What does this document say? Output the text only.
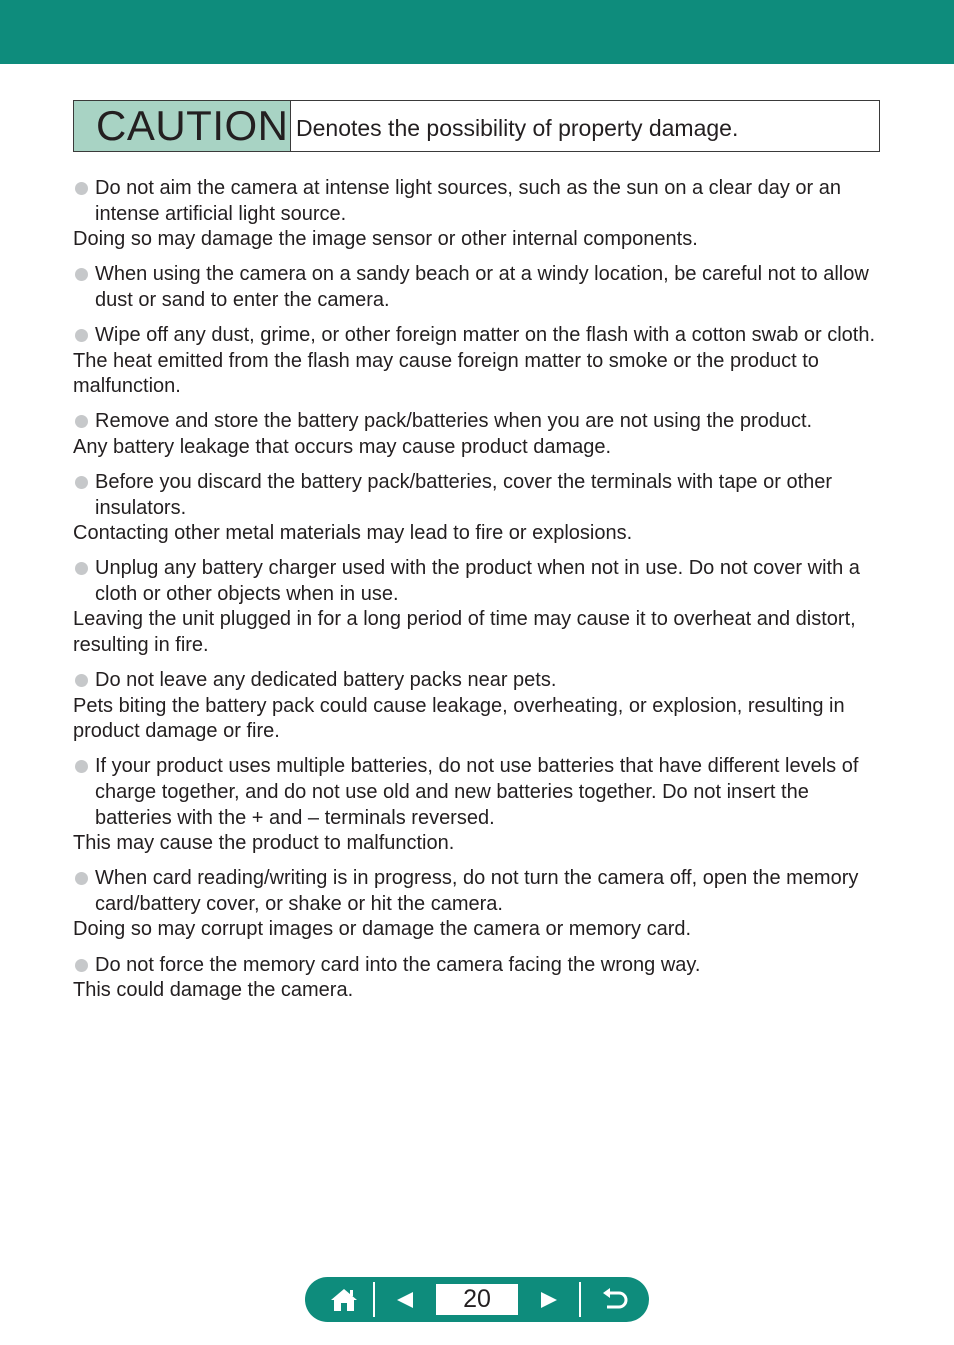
CAUTION Denotes the possibility of property damage.
Do not aim the camera at intense light sources, such as the sun on a clear day or an intense artificial light source.
Doing so may damage the image sensor or other internal components.
When using the camera on a sandy beach or at a windy location, be careful not to allow dust or sand to enter the camera.
Wipe off any dust, grime, or other foreign matter on the flash with a cotton swab or cloth.
The heat emitted from the flash may cause foreign matter to smoke or the product to malfunction.
Remove and store the battery pack/batteries when you are not using the product.
Any battery leakage that occurs may cause product damage.
Before you discard the battery pack/batteries, cover the terminals with tape or other insulators.
Contacting other metal materials may lead to fire or explosions.
Unplug any battery charger used with the product when not in use. Do not cover with a cloth or other objects when in use.
Leaving the unit plugged in for a long period of time may cause it to overheat and distort, resulting in fire.
Do not leave any dedicated battery packs near pets.
Pets biting the battery pack could cause leakage, overheating, or explosion, resulting in product damage or fire.
If your product uses multiple batteries, do not use batteries that have different levels of charge together, and do not use old and new batteries together. Do not insert the batteries with the + and – terminals reversed.
This may cause the product to malfunction.
When card reading/writing is in progress, do not turn the camera off, open the memory card/battery cover, or shake or hit the camera.
Doing so may corrupt images or damage the camera or memory card.
Do not force the memory card into the camera facing the wrong way.
This could damage the camera.
20
